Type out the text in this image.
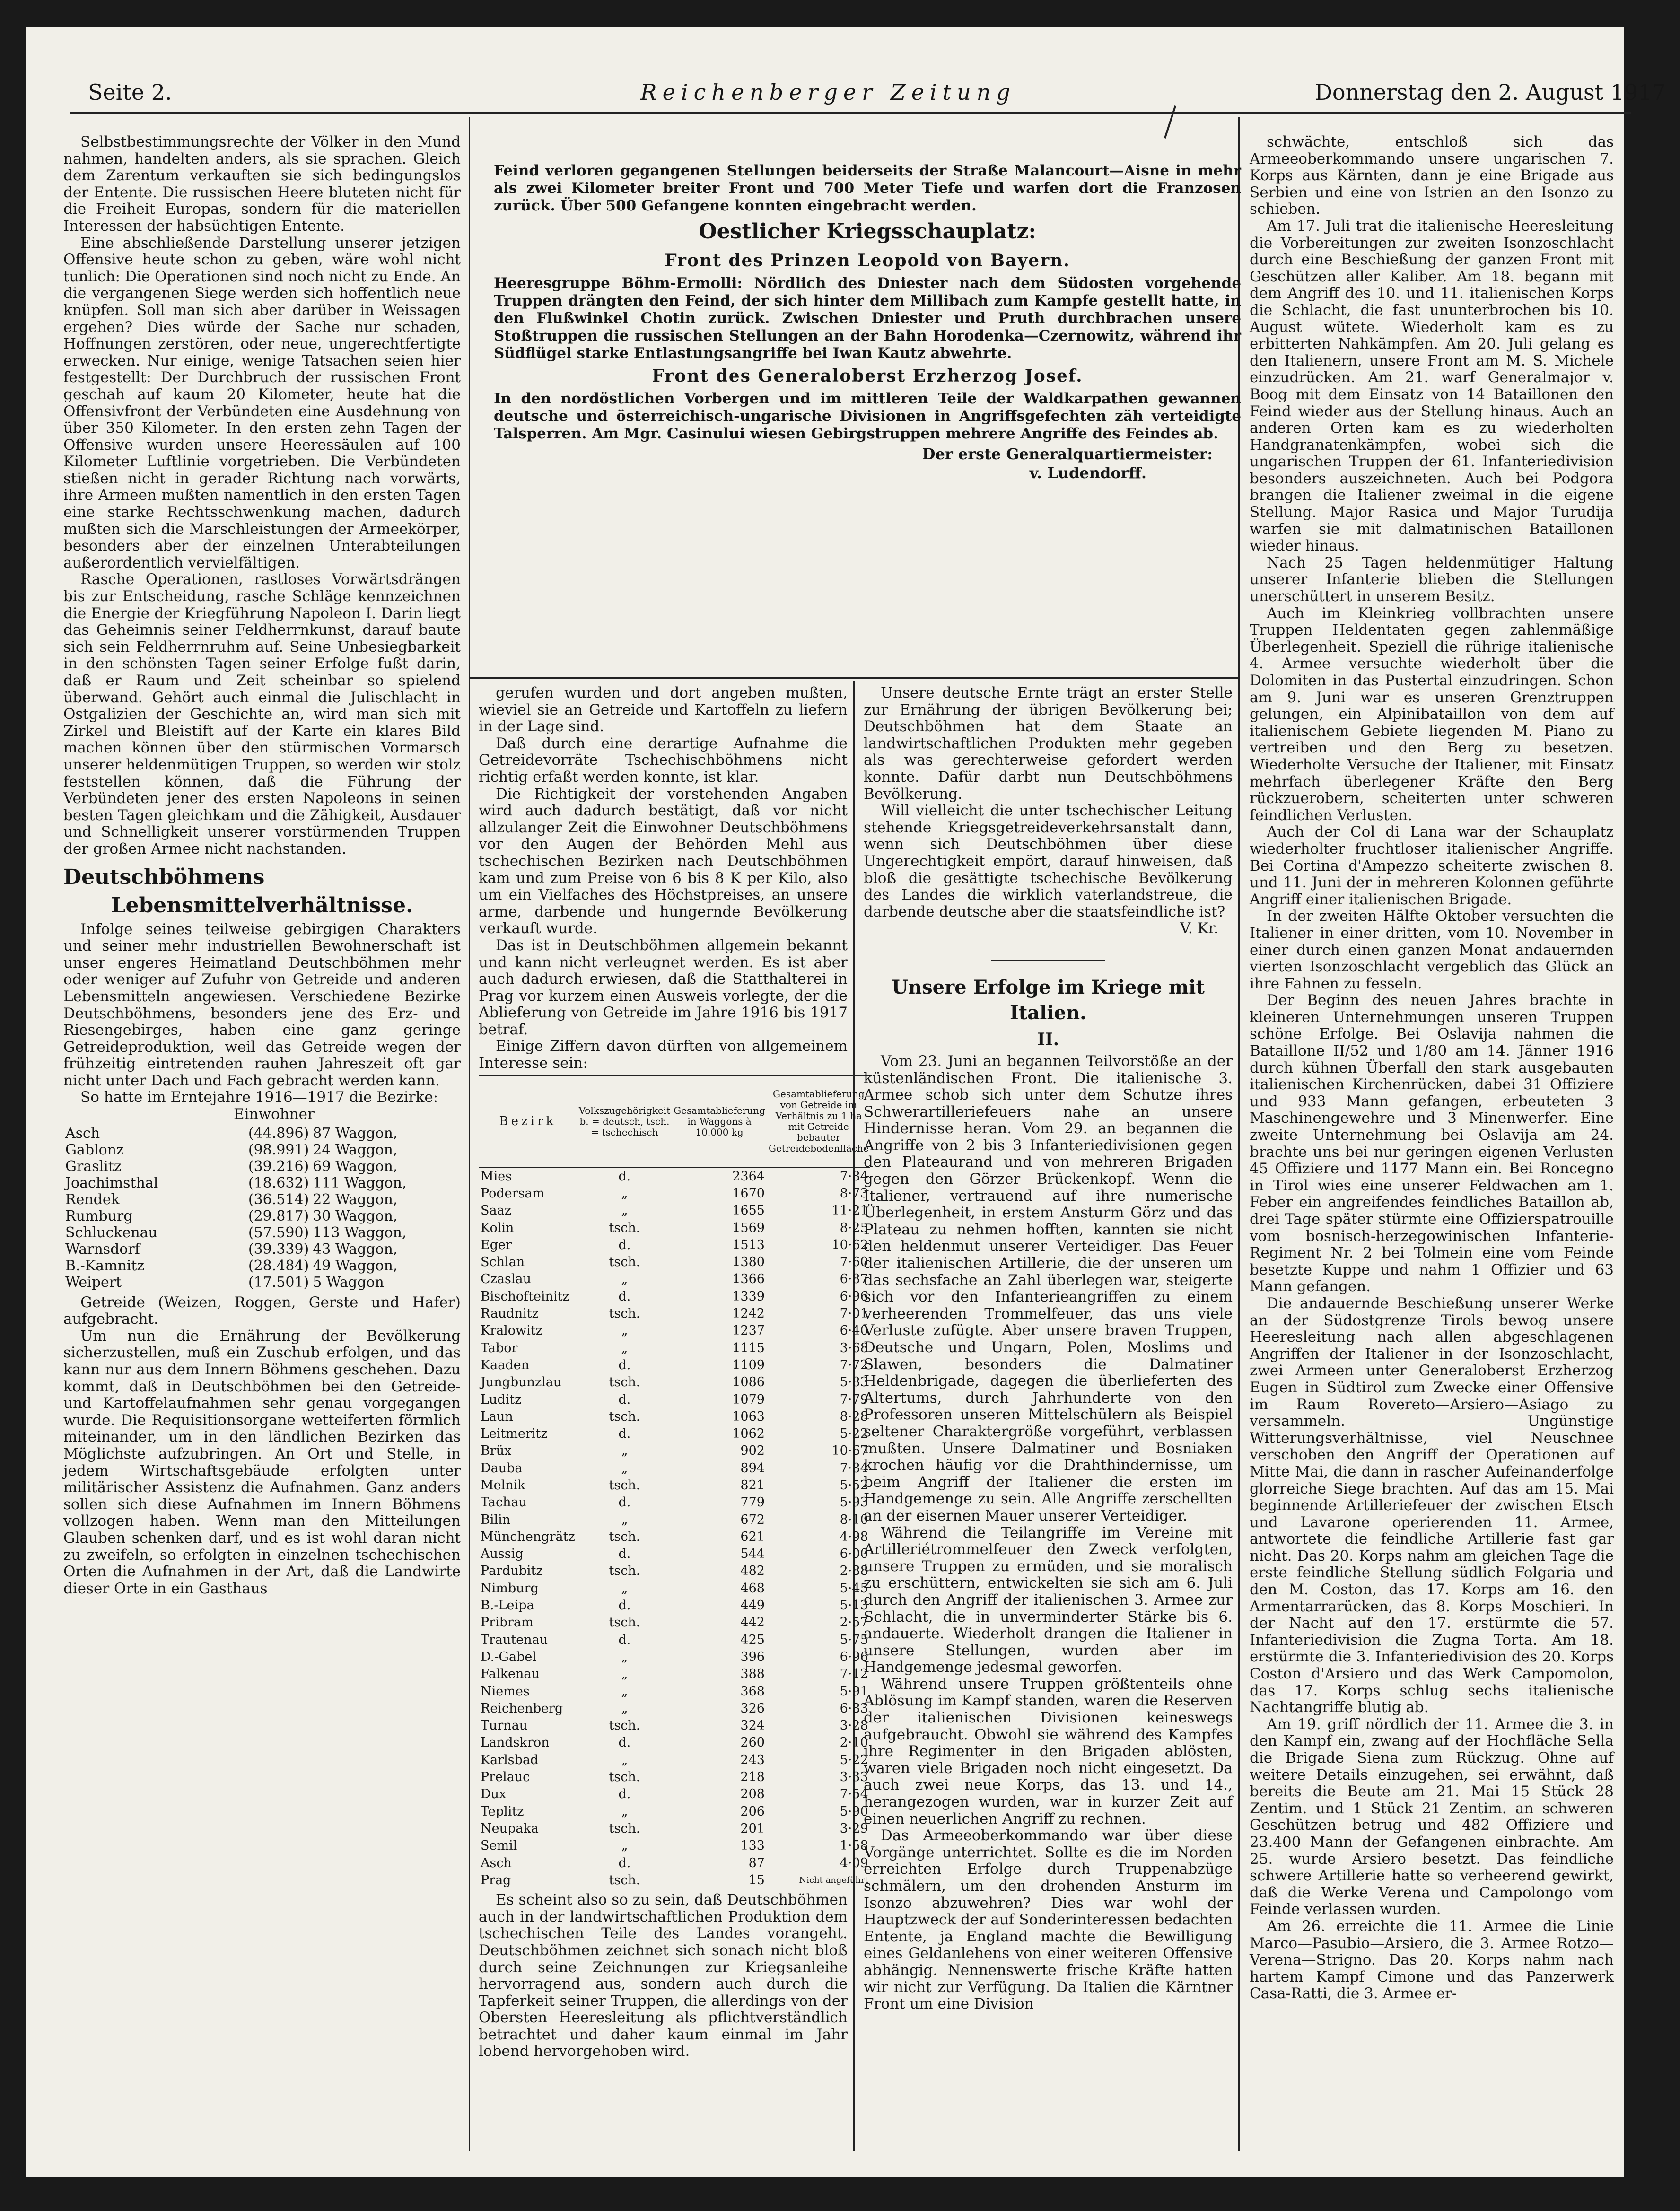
Seite 2.	Reichenberger Zeitung	Donnerstag den 2. August 1917

Selbstbestimmungsrechte der Völker in den Mund nahmen, handelten anders, als sie sprachen. Gleich dem Zarentum verkauften sie sich bedingungslos der Entente. Die russischen Heere bluteten nicht für die Freiheit Europas, sondern für die materiellen Interessen der habsüchtigen Entente.

Eine abschließende Darstellung unserer jetzigen Offensive heute schon zu geben, wäre wohl nicht tunlich: Die Operationen sind noch nicht zu Ende. An die vergangenen Siege werden sich hoffentlich neue knüpfen. Soll man sich aber darüber in Weissagen ergehen? Dies würde der Sache nur schaden, Hoffnungen zerstören, oder neue, ungerechtfertigte erwecken. Nur einige, wenige Tatsachen seien hier festgestellt: Der Durchbruch der russischen Front geschah auf kaum 20 Kilometer, heute hat die Offensivfront der Verbündeten eine Ausdehnung von über 350 Kilometer. In den ersten zehn Tagen der Offensive wurden unsere Heeressäulen auf 100 Kilometer Luftlinie vorgetrieben. Die Verbündeten stießen nicht in gerader Richtung nach vorwärts, ihre Armeen mußten namentlich in den ersten Tagen eine starke Rechtsschwenkung machen, dadurch mußten sich die Marschleistungen der Armeekörper, besonders aber der einzelnen Unterabteilungen außerordentlich vervielfältigen.

Rasche Operationen, rastloses Vorwärtsdrängen bis zur Entscheidung, rasche Schläge kennzeichnen die Energie der Kriegführung Napoleon I. Darin liegt das Geheimnis seiner Feldherrnkunst, darauf baute sich sein Feldherrnruhm auf. Seine Unbesiegbarkeit in den schönsten Tagen seiner Erfolge fußt darin, daß er Raum und Zeit scheinbar so spielend überwand. Gehört auch einmal die Julischlacht in Ostgalizien der Geschichte an, wird man sich mit Zirkel und Bleistift auf der Karte ein klares Bild machen können über den stürmischen Vormarsch unserer heldenmütigen Truppen, so werden wir stolz feststellen können, daß die Führung der Verbündeten jener des ersten Napoleons in seinen besten Tagen gleichkam und die Zähigkeit, Ausdauer und Schnelligkeit unserer vorstürmenden Truppen der großen Armee nicht nachstanden.

Deutschböhmens
Lebensmittelverhältnisse.

Infolge seines teilweise gebirgigen Charakters und seiner mehr industriellen Bewohnerschaft ist unser engeres Heimatland Deutschböhmen mehr oder weniger auf Zufuhr von Getreide und anderen Lebensmitteln angewiesen. Verschiedene Bezirke Deutschböhmens, besonders jene des Erz- und Riesengebirges, haben eine ganz geringe Getreideproduktion, weil das Getreide wegen der frühzeitig eintretenden rauhen Jahreszeit oft gar nicht unter Dach und Fach gebracht werden kann.

So hatte im Erntejahre 1916—1917 die Bezirke:

Einwohner
Asch	(44.896)	87 Waggon,
Gablonz	(98.991)	24 Waggon,
Graslitz	(39.216)	69 Waggon,
Joachimsthal	(18.632)	111 Waggon,
Rendek	(36.514)	22 Waggon,
Rumburg	(29.817)	30 Waggon,
Schluckenau	(57.590)	113 Waggon,
Warnsdorf	(39.339)	43 Waggon,
B.-Kamnitz	(28.484)	49 Waggon,
Weipert	(17.501)	5 Waggon

Getreide (Weizen, Roggen, Gerste und Hafer) aufgebracht.

Um nun die Ernährung der Bevölkerung sicherzustellen, muß ein Zuschub erfolgen, und das kann nur aus dem Innern Böhmens geschehen. Dazu kommt, daß in Deutschböhmen bei den Getreide- und Kartoffelaufnahmen sehr genau vorgegangen wurde. Die Requisitionsorgane wetteiferten förmlich miteinander, um in den ländlichen Bezirken das Möglichste aufzubringen. An Ort und Stelle, in jedem Wirtschaftsgebäude erfolgten unter militärischer Assistenz die Aufnahmen. Ganz anders sollen sich diese Aufnahmen im Innern Böhmens vollzogen haben. Wenn man den Mitteilungen Glauben schenken darf, und es ist wohl daran nicht zu zweifeln, so erfolgten in einzelnen tschechischen Orten die Aufnahmen in der Art, daß die Landwirte dieser Orte in ein Gasthaus

Feind verloren gegangenen Stellungen beiderseits der Straße Malancourt—Aisne in mehr als zwei Kilometer breiter Front und 700 Meter Tiefe und warfen dort die Franzosen zurück. Über 500 Gefangene konnten eingebracht werden.

Oestlicher Kriegsschauplatz:

Front des Prinzen Leopold von Bayern.

Heeresgruppe Böhm-Ermolli: Nördlich des Dniester nach dem Südosten vorgehende Truppen drängten den Feind, der sich hinter dem Millibach zum Kampfe gestellt hatte, in den Flußwinkel Chotin zurück. Zwischen Dniester und Pruth durchbrachen unsere Stoßtruppen die russischen Stellungen an der Bahn Horodenka—Czernowitz, während ihr Südflügel starke Entlastungsangriffe bei Iwan Kautz abwehrte.

Front des Generaloberst Erzherzog Josef.

In den nordöstlichen Vorbergen und im mittleren Teile der Waldkarpathen gewannen deutsche und österreichisch-ungarische Divisionen in Angriffsgefechten zäh verteidigte Talsperren. Am Mgr. Casinului wiesen Gebirgstruppen mehrere Angriffe des Feindes ab.

Der erste Generalquartiermeister:

v. Ludendorff.

gerufen wurden und dort angeben mußten, wieviel sie an Getreide und Kartoffeln zu liefern in der Lage sind.

Daß durch eine derartige Aufnahme die Getreidevorräte Tschechischböhmens nicht richtig erfaßt werden konnte, ist klar.

Die Richtigkeit der vorstehenden Angaben wird auch dadurch bestätigt, daß vor nicht allzulanger Zeit die Einwohner Deutschböhmens vor den Augen der Behörden Mehl aus tschechischen Bezirken nach Deutschböhmen kam und zum Preise von 6 bis 8 K per Kilo, also um ein Vielfaches des Höchstpreises, an unsere arme, darbende und hungernde Bevölkerung verkauft wurde.

Das ist in Deutschböhmen allgemein bekannt und kann nicht verleugnet werden. Es ist aber auch dadurch erwiesen, daß die Statthalterei in Prag vor kurzem einen Ausweis vorlegte, der die Ablieferung von Getreide im Jahre 1916 bis 1917 betraf.

Einige Ziffern davon dürften von allgemeinem Interesse sein:

Bezirk	Volkszugehörigkeit b. = deutsch, tsch. = tschechisch	Gesamtablieferung in Waggons à 10.000 kg	Gesamtablieferung von Getreide im Verhältnis zu 1 ha mit Getreide bebauter Getreidebodenfläche
Mies	d.	2364	7·84
Podersam	„	1670	8·73
Saaz	„	1655	11·21
Kolin	tsch.	1569	8·25
Eger	d.	1513	10·62
Schlan	tsch.	1380	7·60
Czaslau	„	1366	6·87
Bischofteinitz	d.	1339	6·96
Raudnitz	tsch.	1242	7·01
Kralowitz	„	1237	6·40
Tabor	„	1115	3·68
Kaaden	d.	1109	7·72
Jungbunzlau	tsch.	1086	5·83
Luditz	d.	1079	7·79
Laun	tsch.	1063	8·28
Leitmeritz	d.	1062	5·22
Brüx	„	902	10·67
Dauba	„	894	7·84
Melnik	tsch.	821	5·52
Tachau	d.	779	5·93
Bilin	„	672	8·10
Münchengrätz	tsch.	621	4·98
Aussig	d.	544	6·00
Pardubitz	tsch.	482	2·88
Nimburg	„	468	5·45
B.-Leipa	d.	449	5·13
Pribram	tsch.	442	2·57
Trautenau	d.	425	5·75
D.-Gabel	„	396	6·96
Falkenau	„	388	7·12
Niemes	„	368	5·91
Reichenberg	„	326	6·83
Turnau	tsch.	324	3·28
Landskron	d.	260	2·10
Karlsbad	„	243	5·22
Prelauc	tsch.	218	3·33
Dux	d.	208	7·54
Teplitz	„	206	5·90
Neupaka	tsch.	201	3·29
Semil	„	133	1·58
Asch	d.	87	4·09
Prag	tsch.	15	Nicht angeführt

Es scheint also so zu sein, daß Deutschböhmen auch in der landwirtschaftlichen Produktion dem tschechischen Teile des Landes vorangeht. Deutschböhmen zeichnet sich sonach nicht bloß durch seine Zeichnungen zur Kriegsanleihe hervorragend aus, sondern auch durch die Tapferkeit seiner Truppen, die allerdings von der Obersten Heeresleitung als pflichtverständlich betrachtet und daher kaum einmal im Jahr lobend hervorgehoben wird.

Unsere deutsche Ernte trägt an erster Stelle zur Ernährung der übrigen Bevölkerung bei; Deutschböhmen hat dem Staate an landwirtschaftlichen Produkten mehr gegeben als was gerechterweise gefordert werden konnte. Dafür darbt nun Deutschböhmens Bevölkerung.

Will vielleicht die unter tschechischer Leitung stehende Kriegsgetreideverkehrsanstalt dann, wenn sich Deutschböhmen über diese Ungerechtigkeit empört, darauf hinweisen, daß bloß die gesättigte tschechische Bevölkerung des Landes die wirklich vaterlandstreue, die darbende deutsche aber die staatsfeindliche ist?

V. Kr.

Unsere Erfolge im Kriege mit Italien.
II.

Vom 23. Juni an begannen Teilvorstöße an der küstenländischen Front. Die italienische 3. Armee schob sich unter dem Schutze ihres Schwerartilleriefeuers nahe an unsere Hindernisse heran. Vom 29. an begannen die Angriffe von 2 bis 3 Infanteriedivisionen gegen den Plateaurand und von mehreren Brigaden gegen den Görzer Brückenkopf. Wenn die Italiener, vertrauend auf ihre numerische Überlegenheit, in erstem Ansturm Görz und das Plateau zu nehmen hofften, kannten sie nicht den heldenmut unserer Verteidiger. Das Feuer der italienischen Artillerie, die der unseren um das sechsfache an Zahl überlegen war, steigerte sich vor den Infanterieangriffen zu einem verheerenden Trommelfeuer, das uns viele Verluste zufügte. Aber unsere braven Truppen, Deutsche und Ungarn, Polen, Moslims und Slawen, besonders die Dalmatiner Heldenbrigade, dagegen die überlieferten des Altertums, durch Jahrhunderte von den Professoren unseren Mittelschülern als Beispiel seltener Charaktergröße vorgeführt, verblassen mußten. Unsere Dalmatiner und Bosniaken krochen häufig vor die Drahthindernisse, um beim Angriff der Italiener die ersten im Handgemenge zu sein. Alle Angriffe zerschellten an der eisernen Mauer unserer Verteidiger.

Während die Teilangriffe im Vereine mit Artilleriétrommelfeuer den Zweck verfolgten, unsere Truppen zu ermüden, und sie moralisch zu erschüttern, entwickelten sie sich am 6. Juli durch den Angriff der italienischen 3. Armee zur Schlacht, die in unverminderter Stärke bis 6. andauerte. Wiederholt drangen die Italiener in unsere Stellungen, wurden aber im Handgemenge jedesmal geworfen.

Während unsere Truppen größtenteils ohne Ablösung im Kampf standen, waren die Reserven der italienischen Divisionen keineswegs aufgebraucht. Obwohl sie während des Kampfes ihre Regimenter in den Brigaden ablösten, waren viele Brigaden noch nicht eingesetzt. Da auch zwei neue Korps, das 13. und 14., herangezogen wurden, war in kurzer Zeit auf einen neuerlichen Angriff zu rechnen.

Das Armeeoberkommando war über diese Vorgänge unterrichtet. Sollte es die im Norden erreichten Erfolge durch Truppenabzüge schmälern, um den drohenden Ansturm im Isonzo abzuwehren? Dies war wohl der Hauptzweck der auf Sonderinteressen bedachten Entente, ja England machte die Bewilligung eines Geldanlehens von einer weiteren Offensive abhängig. Nennenswerte frische Kräfte hatten wir nicht zur Verfügung. Da Italien die Kärntner Front um eine Division

schwächte, entschloß sich das Armeeoberkommando unsere ungarischen 7. Korps aus Kärnten, dann je eine Brigade aus Serbien und eine von Istrien an den Isonzo zu schieben.

Am 17. Juli trat die italienische Heeresleitung die Vorbereitungen zur zweiten Isonzoschlacht durch eine Beschießung der ganzen Front mit Geschützen aller Kaliber. Am 18. begann mit dem Angriff des 10. und 11. italienischen Korps die Schlacht, die fast ununterbrochen bis 10. August wütete. Wiederholt kam es zu erbitterten Nahkämpfen. Am 20. Juli gelang es den Italienern, unsere Front am M. S. Michele einzudrücken. Am 21. warf Generalmajor v. Boog mit dem Einsatz von 14 Bataillonen den Feind wieder aus der Stellung hinaus. Auch an anderen Orten kam es zu wiederholten Handgranatenkämpfen, wobei sich die ungarischen Truppen der 61. Infanteriedivision besonders auszeichneten. Auch bei Podgora brangen die Italiener zweimal in die eigene Stellung. Major Rasica und Major Turudija warfen sie mit dalmatinischen Bataillonen wieder hinaus.

Nach 25 Tagen heldenmütiger Haltung unserer Infanterie blieben die Stellungen unerschüttert in unserem Besitz.

Auch im Kleinkrieg vollbrachten unsere Truppen Heldentaten gegen zahlenmäßige Überlegenheit. Speziell die rührige italienische 4. Armee versuchte wiederholt über die Dolomiten in das Pustertal einzudringen. Schon am 9. Juni war es unseren Grenztruppen gelungen, ein Alpinibataillon von dem auf italienischem Gebiete liegenden M. Piano zu vertreiben und den Berg zu besetzen. Wiederholte Versuche der Italiener, mit Einsatz mehrfach überlegener Kräfte den Berg rückzuerobern, scheiterten unter schweren feindlichen Verlusten.

Auch der Col di Lana war der Schauplatz wiederholter fruchtloser italienischer Angriffe. Bei Cortina d'Ampezzo scheiterte zwischen 8. und 11. Juni der in mehreren Kolonnen geführte Angriff einer italienischen Brigade.

In der zweiten Hälfte Oktober versuchten die Italiener in einer dritten, vom 10. November in einer durch einen ganzen Monat andauernden vierten Isonzoschlacht vergeblich das Glück an ihre Fahnen zu fesseln.

Der Beginn des neuen Jahres brachte in kleineren Unternehmungen unseren Truppen schöne Erfolge. Bei Oslavija nahmen die Bataillone II/52 und 1/80 am 14. Jänner 1916 durch kühnen Überfall den stark ausgebauten italienischen Kirchenrücken, dabei 31 Offiziere und 933 Mann gefangen, erbeuteten 3 Maschinengewehre und 3 Minenwerfer. Eine zweite Unternehmung bei Oslavija am 24. brachte uns bei nur geringen eigenen Verlusten 45 Offiziere und 1177 Mann ein. Bei Roncegno in Tirol wies eine unserer Feldwachen am 1. Feber ein angreifendes feindliches Bataillon ab, drei Tage später stürmte eine Offizierspatrouille vom bosnisch-herzegowinischen Infanterie-Regiment Nr. 2 bei Tolmein eine vom Feinde besetzte Kuppe und nahm 1 Offizier und 63 Mann gefangen.

Die andauernde Beschießung unserer Werke an der Südostgrenze Tirols bewog unsere Heeresleitung nach allen abgeschlagenen Angriffen der Italiener in der Isonzoschlacht, zwei Armeen unter Generaloberst Erzherzog Eugen in Südtirol zum Zwecke einer Offensive im Raum Rovereto—Arsiero—Asiago zu versammeln. Ungünstige Witterungsverhältnisse, viel Neuschnee verschoben den Angriff der Operationen auf Mitte Mai, die dann in rascher Aufeinanderfolge glorreiche Siege brachten. Auf das am 15. Mai beginnende Artilleriefeuer der zwischen Etsch und Lavarone operierenden 11. Armee, antwortete die feindliche Artillerie fast gar nicht. Das 20. Korps nahm am gleichen Tage die erste feindliche Stellung südlich Folgaria und den M. Coston, das 17. Korps am 16. den Armentarrarücken, das 8. Korps Moschieri. In der Nacht auf den 17. erstürmte die 57. Infanteriedivision die Zugna Torta. Am 18. erstürmte die 3. Infanteriedivision des 20. Korps Coston d'Arsiero und das Werk Campomolon, das 17. Korps schlug sechs italienische Nachtangriffe blutig ab.

Am 19. griff nördlich der 11. Armee die 3. in den Kampf ein, zwang auf der Hochfläche Sella die Brigade Siena zum Rückzug. Ohne auf weitere Details einzugehen, sei erwähnt, daß bereits die Beute am 21. Mai 15 Stück 28 Zentim. und 1 Stück 21 Zentim. an schweren Geschützen betrug und 482 Offiziere und 23.400 Mann der Gefangenen einbrachte. Am 25. wurde Arsiero besetzt. Das feindliche schwere Artillerie hatte so verheerend gewirkt, daß die Werke Verena und Campolongo vom Feinde verlassen wurden.

Am 26. erreichte die 11. Armee die Linie Marco—Pasubio—Arsiero, die 3. Armee Rotzo—Verena—Strigno. Das 20. Korps nahm nach hartem Kampf Cimone und das Panzerwerk Casa-Ratti, die 3. Armee er-
